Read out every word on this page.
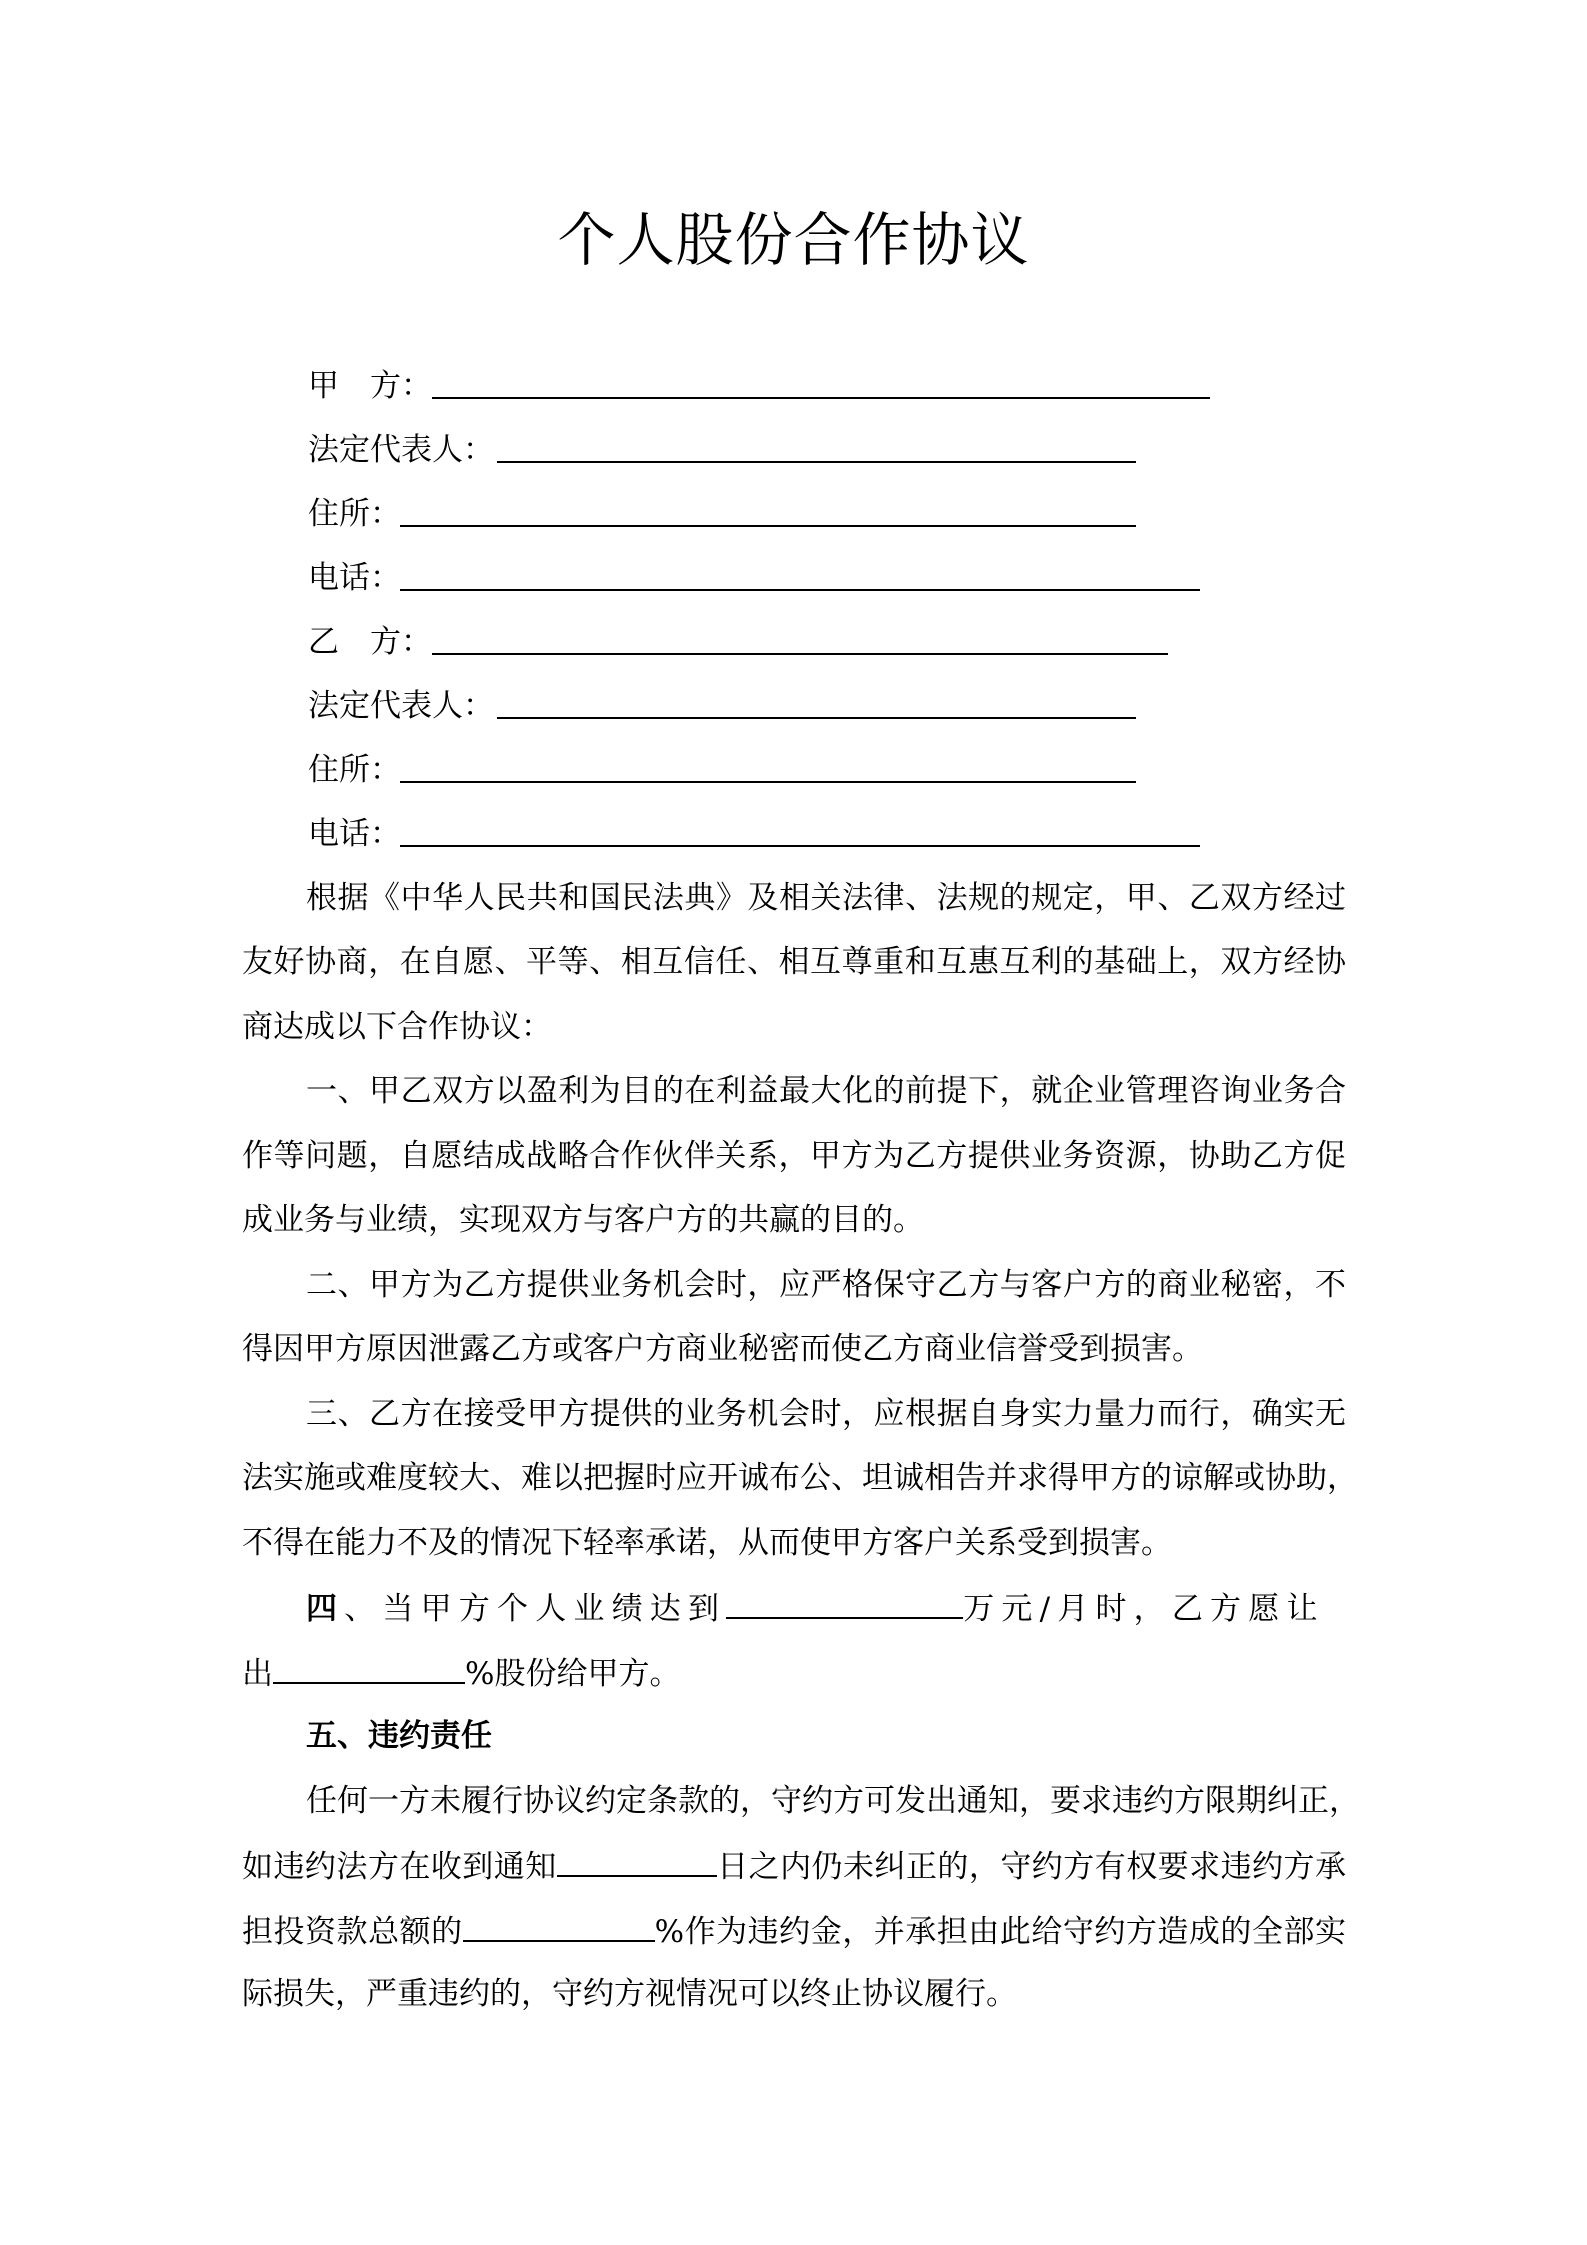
个人股份合作协议
甲　方：
法定代表人：
住所：
电话：
乙　方：
法定代表人：
住所：
电话：
根据《中华人民共和国民法典》及相关法律、法规的规定，甲、乙双方经过
友好协商，在自愿、平等、相互信任、相互尊重和互惠互利的基础上，双方经协
商达成以下合作协议：
一、甲乙双方以盈利为目的在利益最大化的前提下，就企业管理咨询业务合
作等问题，自愿结成战略合作伙伴关系，甲方为乙方提供业务资源，协助乙方促
成业务与业绩，实现双方与客户方的共赢的目的。
二、甲方为乙方提供业务机会时，应严格保守乙方与客户方的商业秘密，不
得因甲方原因泄露乙方或客户方商业秘密而使乙方商业信誉受到损害。
三、乙方在接受甲方提供的业务机会时，应根据自身实力量力而行，确实无
法实施或难度较大、难以把握时应开诚布公、坦诚相告并求得甲方的谅解或协助，
不得在能力不及的情况下轻率承诺，从而使甲方客户关系受到损害。
四、当甲方个人业绩达到	万元/月时，乙方愿让
出	%股份给甲方。
五、违约责任
任何一方未履行协议约定条款的，守约方可发出通知，要求违约方限期纠正，
如违约法方在收到通知	日之内仍未纠正的，守约方有权要求违约方承
担投资款总额的	%作为违约金，并承担由此给守约方造成的全部实
际损失，严重违约的，守约方视情况可以终止协议履行。
